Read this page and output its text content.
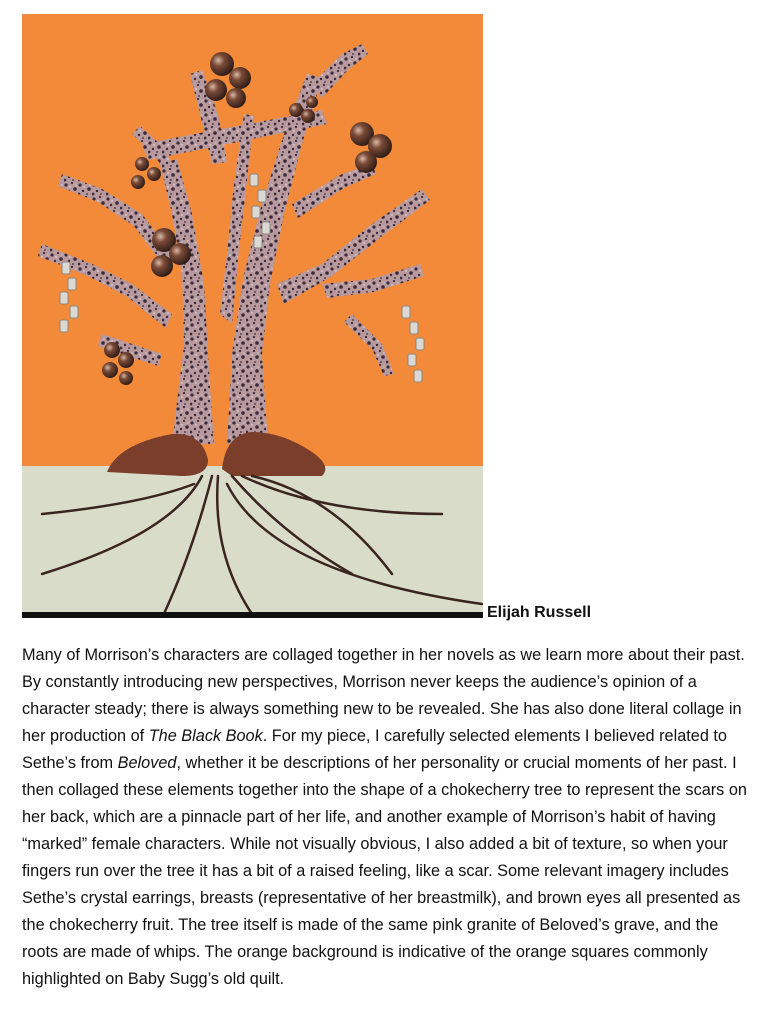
Elijah Russell

Many of Morrison’s characters are collaged together in her novels as we learn more about their past. By constantly introducing new perspectives, Morrison never keeps the audience’s opinion of a character steady; there is always something new to be revealed. She has also done literal collage in her production of The Black Book. For my piece, I carefully selected elements I believed related to Sethe’s from Beloved, whether it be descriptions of her personality or crucial moments of her past. I then collaged these elements together into the shape of a chokecherry tree to represent the scars on her back, which are a pinnacle part of her life, and another example of Morrison’s habit of having “marked” female characters. While not visually obvious, I also added a bit of texture, so when your fingers run over the tree it has a bit of a raised feeling, like a scar. Some relevant imagery includes Sethe’s crystal earrings, breasts (representative of her breastmilk), and brown eyes all presented as the chokecherry fruit. The tree itself is made of the same pink granite of Beloved’s grave, and the roots are made of whips. The orange background is indicative of the orange squares commonly highlighted on Baby Sugg’s old quilt.
